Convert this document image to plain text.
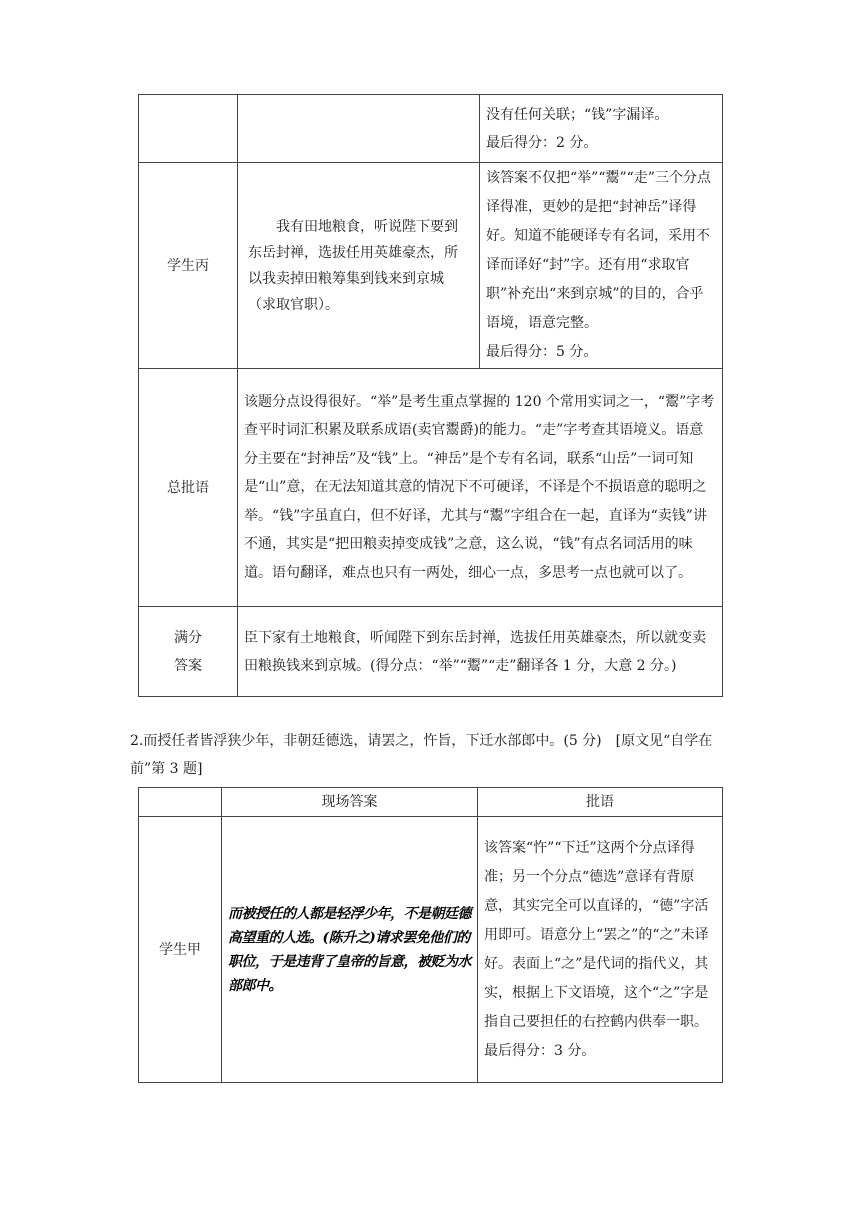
		没有任何关联；“钱”字漏译。
最后得分：2 分。

学生丙	我有田地粮食，听说陛下要到东岳封禅，选拔任用英雄豪杰，所以我卖掉田粮筹集到钱来到京城（求取官职）。	该答案不仅把“举”“鬻”“走”三个分点译得准，更妙的是把“封神岳”译得好。知道不能硬译专有名词，采用不译而译好“封”字。还有用“求取官职”补充出“来到京城”的目的，合乎语境，语意完整。
最后得分：5 分。

总批语	该题分点设得很好。“举”是考生重点掌握的 120 个常用实词之一，“鬻”字考查平时词汇积累及联系成语(卖官鬻爵)的能力。“走”字考查其语境义。语意分主要在“封神岳”及“钱”上。“神岳”是个专有名词，联系“山岳”一词可知是“山”意，在无法知道其意的情况下不可硬译，不译是个不损语意的聪明之举。“钱”字虽直白，但不好译，尤其与“鬻”字组合在一起，直译为“卖钱”讲不通，其实是“把田粮卖掉变成钱”之意，这么说，“钱”有点名词活用的味道。语句翻译，难点也只有一两处，细心一点，多思考一点也就可以了。	

满分
答案	臣下家有土地粮食，听闻陛下到东岳封禅，选拔任用英雄豪杰，所以就变卖田粮换钱来到京城。(得分点：“举”“鬻”“走”翻译各 1 分，大意 2 分。)	
2.而授任者皆浮狭少年，非朝廷德选，请罢之，忤旨，下迁水部郎中。(5 分)　[原文见“自学在前”第 3 题]
	现场答案	批语
学生甲	而被授任的人都是轻浮少年，不是朝廷德高望重的人选。(陈升之)请求罢免他们的职位，于是违背了皇帝的旨意，被贬为水部郎中。	该答案“忤”“下迁”这两个分点译得准；另一个分点“德选”意译有背原意，其实完全可以直译的，“德”字活用即可。语意分上“罢之”的“之”未译好。表面上“之”是代词的指代义，其实，根据上下文语境，这个“之”字是指自己要担任的右控鹤内供奉一职。
最后得分：3 分。
